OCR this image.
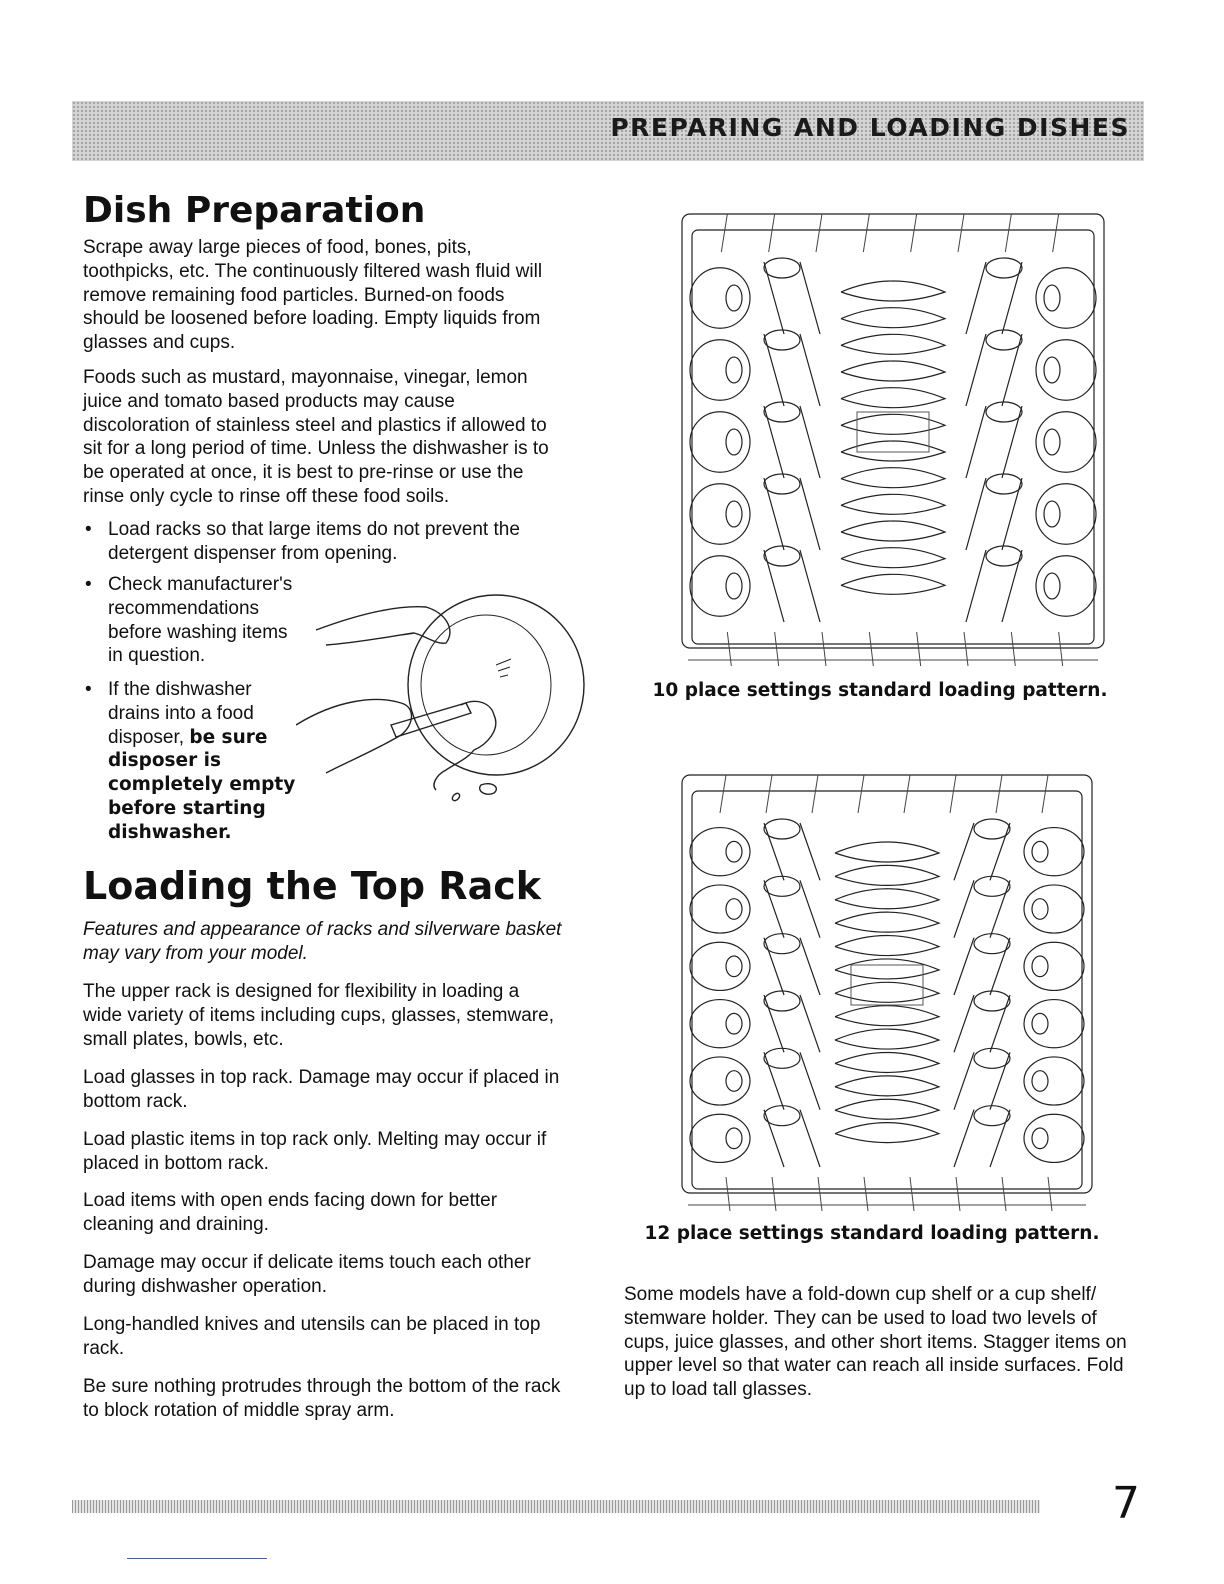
PREPARING AND LOADING DISHES
Dish Preparation
Scrape away large pieces of food, bones, pits,
toothpicks, etc. The continuously filtered wash fluid will
remove remaining food particles. Burned-on foods
should be loosened before loading. Empty liquids from
glasses and cups.
Foods such as mustard, mayonnaise, vinegar, lemon
juice and tomato based products may cause
discoloration of stainless steel and plastics if allowed to
sit for a long period of time. Unless the dishwasher is to
be operated at once, it is best to pre-rinse or use the
rinse only cycle to rinse off these food soils.
• Load racks so that large items do not prevent the
detergent dispenser from opening.
• Check manufacturer's
recommendations
before washing items
in question.
• If the dishwasher
drains into a food
disposer, be sure
disposer is
completely empty
before starting
dishwasher.
Loading the Top Rack
Features and appearance of racks and silverware basket
may vary from your model.
The upper rack is designed for flexibility in loading a
wide variety of items including cups, glasses, stemware,
small plates, bowls, etc.
Load glasses in top rack. Damage may occur if placed in
bottom rack.
Load plastic items in top rack only. Melting may occur if
placed in bottom rack.
Load items with open ends facing down for better
cleaning and draining.
Damage may occur if delicate items touch each other
during dishwasher operation.
Long-handled knives and utensils can be placed in top
rack.
Be sure nothing protrudes through the bottom of the rack
to block rotation of middle spray arm.
10 place settings standard loading pattern.
12 place settings standard loading pattern.
Some models have a fold-down cup shelf or a cup shelf/
stemware holder. They can be used to load two levels of
cups, juice glasses, and other short items. Stagger items on
upper level so that water can reach all inside surfaces. Fold
up to load tall glasses.
7
